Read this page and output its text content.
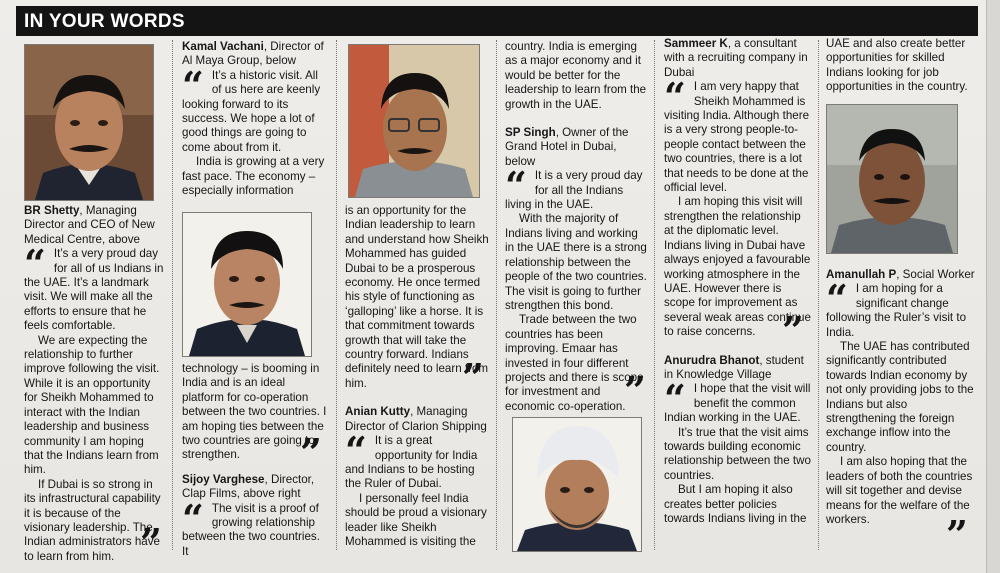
IN YOUR WORDS

BR Shetty, Managing Director and CEO of New Medical Centre, above

“ It’s a very proud day for all of us Indians in the UAE. It’s a landmark visit. We will make all the efforts to ensure that he feels comfortable.

We are expecting the relationship to further improve following the visit. While it is an opportunity for Sheikh Mohammed to interact with the Indian leadership and business community I am hoping that the Indians learn from him.

If Dubai is so strong in its infrastructural capability it is because of the visionary leadership. The Indian administrators have to learn from him. ”

Kamal Vachani, Director of Al Maya Group, below

“ It’s a historic visit. All of us here are keenly looking forward to its success. We hope a lot of good things are going to come about from it.

India is growing at a very fast pace. The economy – especially information

technology – is booming in India and is an ideal platform for co-operation between the two countries. I am hoping ties between the two countries are going to strengthen.

Sijoy Varghese, Director, Clap Films, above right

“ The visit is a proof of growing relationship between the two countries. It

”

is an opportunity for the Indian leadership to learn and understand how Sheikh Mohammed has guided Dubai to be a prosperous economy. He once termed his style of functioning as ‘galloping’ like a horse. It is that commitment towards growth that will take the country forward. Indians definitely need to learn from him.

Anian Kutty, Managing Director of Clarion Shipping

“ It is a great opportunity for India and Indians to be hosting the Ruler of Dubai.

I personally feel India should be proud a visionary leader like Sheikh Mohammed is visiting the

”

country. India is emerging as a major economy and it would be better for the leadership to learn from the growth in the UAE.

SP Singh, Owner of the Grand Hotel in Dubai, below

“ It is a very proud day for all the Indians living in the UAE.

With the majority of Indians living and working in the UAE there is a strong relationship between the people of the two countries. The visit is going to further strengthen this bond.

Trade between the two countries has been improving. Emaar has invested in four different projects and there is scope for investment and economic co-operation.

”

Sammeer K, a consultant with a recruiting company in Dubai

“ I am very happy that Sheikh Mohammed is visiting India. Although there is a very strong people-to-people contact between the two countries, there is a lot that needs to be done at the official level.

I am hoping this visit will strengthen the relationship at the diplomatic level. Indians living in Dubai have always enjoyed a favourable working atmosphere in the UAE. However there is scope for improvement as several weak areas continue to raise concerns.

Anurudra Bhanot, student in Knowledge Village

“ I hope that the visit will benefit the common Indian working in the UAE.

It’s true that the visit aims towards building economic relationship between the two countries.

But I am hoping it also creates better policies towards Indians living in the

”

UAE and also create better opportunities for skilled Indians looking for job opportunities in the country.

Amanullah P, Social Worker

“ I am hoping for a significant change following the Ruler’s visit to India.

The UAE has contributed significantly contributed towards Indian economy by not only providing jobs to the Indians but also strengthening the foreign exchange inflow into the country.

I am also hoping that the leaders of both the countries will sit together and devise means for the welfare of the workers.	”
